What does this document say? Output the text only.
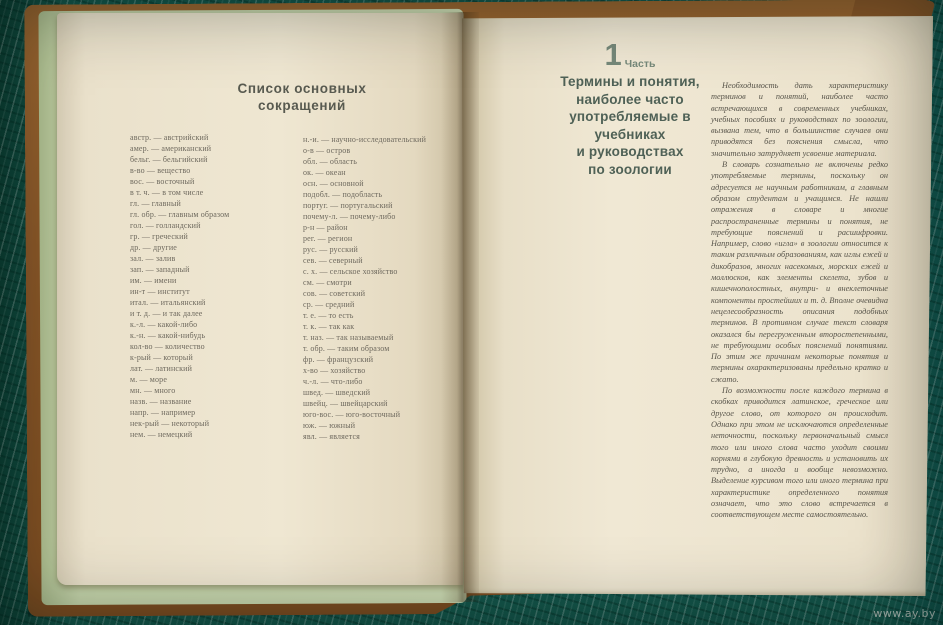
Список основных
сокращений
австр. — австрийский
амер. — американский
бельг. — бельгийский
в-во — вещество
вос. — восточный
в т. ч. — в том числе
гл. — главный
гл. обр. — главным образом
гол. — голландский
гр. — греческий
др. — другие
зал. — залив
зап. — западный
им. — имени
ин-т — институт
итал. — итальянский
и т. д. — и так далее
к.-л. — какой-либо
к.-н. — какой-нибудь
кол-во — количество
к-рый — который
лат. — латинский
м. — море
мн. — много
назв. — название
напр. — например
нек-рый — некоторый
нем. — немецкий
н.-и. — научно-исследовательский
о-в — остров
обл. — область
ок. — океан
осн. — основной
подобл. — подобласть
португ. — португальский
почему-л. — почему-либо
р-н — район
рег. — регион
рус. — русский
сев. — северный
с. х. — сельское хозяйство
см. — смотри
сов. — советский
ср. — средний
т. е. — то есть
т. к. — так как
т. наз. — так называемый
т. обр. — таким образом
фр. — французский
х-во — хозяйство
ч.-л. — что-либо
швед. — шведский
швейц. — швейцарский
юго-вос. — юго-восточный
юж. — южный
явл. — является
1 Часть
Термины и понятия,
наиболее часто
употребляемые в
учебниках
и руководствах
по зоологии

Необходимость дать характеристику терминов и понятий, наиболее часто встречающихся в современных учебниках, учебных пособиях и руководствах по зоологии, вызвана тем, что в большинстве случаев они приводятся без пояснения смысла, что значительно затрудняет усвоение материала.

В словарь сознательно не включены редко употребляемые термины, поскольку он адресуется не научным работникам, а главным образом студентам и учащимся. Не нашли отражения в словаре и многие распространенные термины и понятия, не требующие пояснений и расшифровки. Например, слово «игла» в зоологии относится к таким различным образованиям, как иглы ежей и дикобразов, многих насекомых, морских ежей и моллюсков, как элементы скелета, зубов и кишечнополостных, внутри- и внеклеточные компоненты простейших и т. д. Вполне очевидна нецелесообразность описания подобных терминов. В противном случае текст словаря оказался бы перегруженным второстепенными, не требующими особых пояснений понятиями. По этим же причинам некоторые понятия и термины охарактеризованы предельно кратко и сжато.

По возможности после каждого термина в скобках приводится латинское, греческое или другое слово, от которого он происходит. Однако при этом не исключаются определенные неточности, поскольку первоначальный смысл того или иного слова часто уходит своими корнями в глубокую древность и установить их трудно, а иногда и вообще невозможно. Выделение курсивом того или иного термина при характеристике определенного понятия означает, что это слово встречается в соответствующем месте самостоятельно.

www.ay.by
